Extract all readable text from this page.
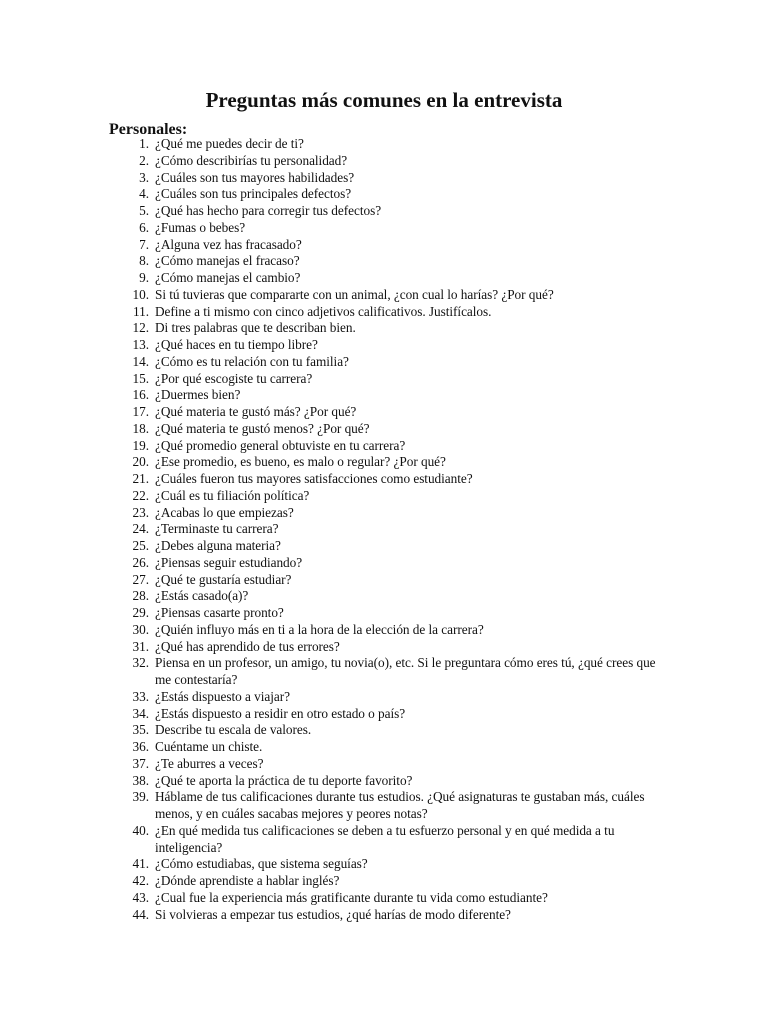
Preguntas más comunes en la entrevista
Personales:
1. ¿Qué me puedes decir de ti?
2. ¿Cómo describirías tu personalidad?
3. ¿Cuáles son tus mayores habilidades?
4. ¿Cuáles son tus principales defectos?
5. ¿Qué has hecho para corregir tus defectos?
6. ¿Fumas o bebes?
7. ¿Alguna vez has fracasado?
8. ¿Cómo manejas el fracaso?
9. ¿Cómo manejas el cambio?
10. Si tú tuvieras que compararte con un animal, ¿con cual lo harías? ¿Por qué?
11. Define a ti mismo con cinco adjetivos calificativos. Justifícalos.
12. Di tres palabras que te describan bien.
13. ¿Qué haces en tu tiempo libre?
14. ¿Cómo es tu relación con tu familia?
15. ¿Por qué escogiste tu carrera?
16. ¿Duermes bien?
17. ¿Qué materia te gustó más? ¿Por qué?
18. ¿Qué materia te gustó menos? ¿Por qué?
19. ¿Qué promedio general obtuviste en tu carrera?
20. ¿Ese promedio, es bueno, es malo o regular? ¿Por qué?
21. ¿Cuáles fueron tus mayores satisfacciones como estudiante?
22. ¿Cuál es tu filiación política?
23. ¿Acabas lo que empiezas?
24. ¿Terminaste tu carrera?
25. ¿Debes alguna materia?
26. ¿Piensas seguir estudiando?
27. ¿Qué te gustaría estudiar?
28. ¿Estás casado(a)?
29. ¿Piensas casarte pronto?
30. ¿Quién influyo más en ti a la hora de la elección de la carrera?
31. ¿Qué has aprendido de tus errores?
32. Piensa en un profesor, un amigo, tu novia(o), etc. Si le preguntara cómo eres tú, ¿qué crees que me contestaría?
33. ¿Estás dispuesto a viajar?
34. ¿Estás dispuesto a residir en otro estado o país?
35. Describe tu escala de valores.
36. Cuéntame un chiste.
37. ¿Te aburres a veces?
38. ¿Qué te aporta la práctica de tu deporte favorito?
39. Háblame de tus calificaciones durante tus estudios. ¿Qué asignaturas te gustaban más, cuáles menos, y en cuáles sacabas mejores y peores notas?
40. ¿En qué medida tus calificaciones se deben a tu esfuerzo personal y en qué medida a tu inteligencia?
41. ¿Cómo estudiabas, que sistema seguías?
42. ¿Dónde aprendiste a hablar inglés?
43. ¿Cual fue la experiencia más gratificante durante tu vida como estudiante?
44. Si volvieras a empezar tus estudios, ¿qué harías de modo diferente?
